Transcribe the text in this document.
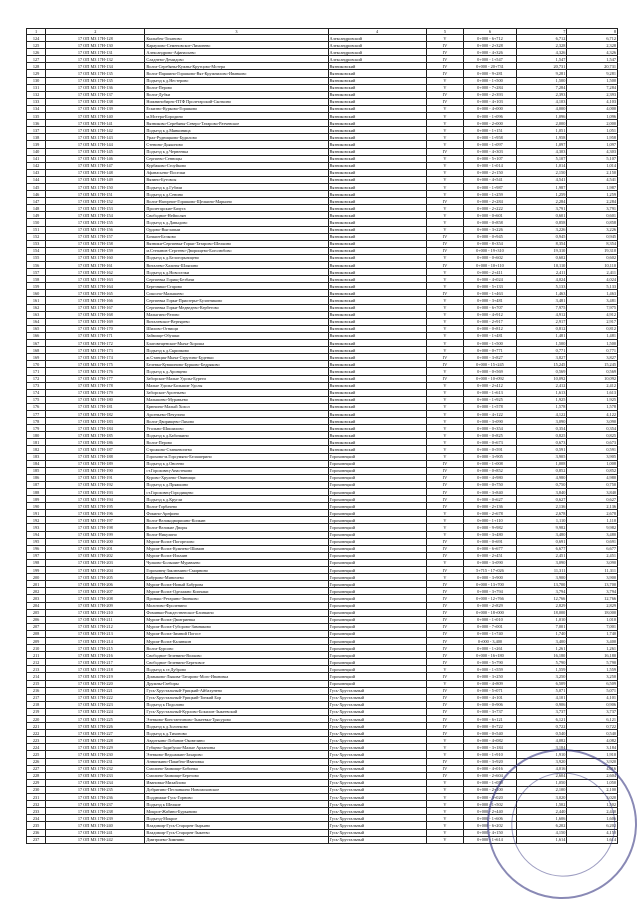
1	2	3	4	5	6	7	8
124	17 ОП МЗ 17Н-128	Кылыбек-Тоханово	Александровский	V	0+000 - 6+712	6,712	6,712
125	17 ОП МЗ 17Н-130	Караулово-Семеновское-Лимонево	Александровский	IV	0+000 - 2+328	2,328	2,328
126	17 ОП МЗ 17Н-131	Александрово-Афанасьево	Александровский	IV	0+000 - 4+326	4,326	4,326
127	17 ОП МЗ 17Н-132	Сладнево-Демидово	Александровский	IV	0+000 - 1+547	1,547	1,547
128	17 ОП МЗ 17Н-134	Волга-Серебяны-Кужны-Крутцово-Мстера	Вязниковский	IV	0+000 - 20+731	20,731	20,731
129	17 ОП МЗ 17Н-135	Волга-Паршино-Горшково-Вяз-Кружнилово-Иванково	Вязниковский	IV	0+000 - 9+281	9,281	9,281
130	17 ОП МЗ 17Н-135	Подъезд к д.Нестерово	Вязниковский	V	0+000 - 1+500	1,500	1,500
131	17 ОП МЗ 17Н-136	Волга-Перово	Вязниковский	V	0+000 - 7+284	7,284	7,284
132	17 ОП МЗ 17Н-137	Волга-Дубки	Вязниковский	IV	0+000 - 2+393	2,393	2,393
133	17 ОП МЗ 17Н-138	Нижнинобирнс-ПТФ Пролетарский-Скоткино	Вязниковский	IV	0+000 - 4+103	4,103	4,103
134	17 ОП МЗ 17Н-139	Ескизно-Курково-Горшково	Вязниковский	V	0+000 - 4+000	4,000	4,000
135	17 ОП МЗ 17Н-140	м.Мстера-Бородино	Вязниковский	V	0+000 - 1+096	1,096	1,096
136	17 ОП МЗ 17Н-141	Вязниково-Серебяны-Северо-Татарово-Ратчевское	Вязниковский	V	0+000 - 2+000	2,000	2,000
137	17 ОП МЗ 17Н-142	Подъезд к д.Мянкиница	Вязниковский	V	0+000 - 1+151	1,051	1,051
138	17 ОП МЗ 17Н-143	Урал-Рудницково-Будилово	Вязниковский	V	0+000 - 1+958	1,958	1,958
139	17 ОП МЗ 17Н-144	Стенино-Дьяконово	Вязниковский	V	0+000 - 1+097	1,097	1,097
140	17 ОП МЗ 17Н-145	Подъезд к д.Чернеевка	Вязниковский	IV	0+000 - 4+303	4,303	4,303
141	17 ОП МЗ 17Н-146	Сергиево-Сенницы	Вязниковский	V	0+000 - 5+107	5,107	5,107
142	17 ОП МЗ 17Н-147	Курбаково-Стоуйково	Вязниковский	V	0+000 - 1+014	1,014	1,014
143	17 ОП МЗ 17Н-148	Афанасьево-Поселки	Вязниковский	V	0+000 - 2+150	2,150	2,150
144	17 ОП МЗ 17Н-149	Вязино-Бутовсы	Вязниковский	V	0+000 - 4+541	4,541	4,541
145	17 ОП МЗ 17Н-150	Подъезд к д.Губачи	Вязниковский	V	0+000 - 1+987	1,987	1,987
146	17 ОП МЗ 17Н-151	Подъезд к д.Сенино	Вязниковский	V	0+000 - 1+259	1,259	1,259
147	17 ОП МЗ 17Н-152	Волга-Нагорное-Горшково-Щелкино-Марьино	Вязниковский	IV	0+000 - 2+284	2,284	2,284
148	17 ОП МЗ 17Н-153	Пролетарские-Бачуга	Вязниковский	V	0+000 - 2+222	3,791	3,791
149	17 ОП МЗ 17Н-154	Свободное-Нейполян	Вязниковский	V	0+000 - 0+601	0,601	0,601
150	17 ОП МЗ 17Н-155	Подъезд к д.Давыдово	Вязниковский	V	0+000 - 0+858	0,858	0,858
151	17 ОП МЗ 17Н-156	Ордово-Выглапыи	Вязниковский	V	0+000 - 3+226	3,226	3,226
152	17 ОП МЗ 17Н-157	Бочкин-Белково	Вязниковский	IV	0+000 - 0+945	0,945	0,945
153	17 ОП МЗ 17Н-158	Вязники-Сергиевка-Горки-Татарово-Шелкино	Вязниковский	IV	0+000 - 8+354	8,354	8,354
154	17 ОП МЗ 17Н-159	м.Степанов-Сергеево-Дворищево-Боголюбово	Вязниковский	IV	0+000 - 19+310	19,310	19,310
155	17 ОП МЗ 17Н-160	Подъезд к д.Белогорызицево	Вязниковский	V	0+000 - 0+602	0,602	0,602
156	17 ОП МЗ 17Н-161	Виталево-Халиты-Шляпино	Вязниковский	IV	0+000 - 10+110	10,110	10,110
157	17 ОП МЗ 17Н-162	Подъезд к д.Новоселки	Вязниковский	V	0+000 - 2+411	2,411	2,411
158	17 ОП МЗ 17Н-163	Сергиевка Горищ-Безбачи	Вязниковский	V	0+000 - 4+024	4,024	4,024
159	17 ОП МЗ 17Н-164	Березники-Старово	Вязниковский	V	0+000 - 5+133	5,133	5,133
160	17 ОП МЗ 17Н-165	Сокосно-Малышево	Вязниковский	IV	0+000 - 1+463	1,463	1,463
161	17 ОП МЗ 17Н-166	Сергиевка Горки-Приозерье-Булатниково	Вязниковский	V	0+000 - 3+481	3,481	3,481
162	17 ОП МЗ 17Н-167	Сергиевка Горки-Медведево-Кербетово	Вязниковский	V	0+000 - 6+707	7,975	7,975
163	17 ОП МЗ 17Н-168	Малыгино-Ратово	Вязниковский	V	0+000 - 4+912	4,912	4,912
164	17 ОП МЗ 17Н-169	Виталевское-Вертярево	Вязниковский	V	0+000 - 2+917	2,917	2,917
165	17 ОП МЗ 17Н-170	Шилово-Огнищи	Вязниковский	V	0+000 - 0+812	0,812	0,812
166	17 ОП МЗ 17Н-171	Займище-Обушки	Вязниковский	V	0+000 - 1+481	1,481	1,481
167	17 ОП МЗ 17Н-172	Благовещенское-Мыча-Хороша	Вязниковский	V	0+000 - 1+500	1,500	1,500
168	17 ОП МЗ 17Н-173	Подъезд к д.Скрипково	Вязниковский	V	0+000 - 0+771	0,771	0,771
169	17 ОП МЗ 17Н-174	ж.Станция-Мыча-Стругино-Буденки	Вязниковский	IV	0+000 - 3+827	3,827	3,827
170	17 ОП МЗ 17Н-175	Белевка-Кувшиново-Бурково-Бедряково	Вязниковский	IV	0+000 - 15+245	15,245	15,245
171	17 ОП МЗ 17Н-176	Подъезд к д.Аронцево	Вязниковский	V	0+000 - 0+569	0,569	0,569
172	17 ОП МЗ 17Н-177	Заборское-Малые Удолы-Буреги	Вязниковский	IV	0+000 - 10+092	10,092	10,092
173	17 ОП МЗ 17Н-178	Малые Удолы-Большие Удолы	Вязниковский	V	0+000 - 2+412	2,412	2,412
174	17 ОП МЗ 17Н-179	Заборское-Арсеньево	Вязниковский	V	0+000 - 1+613	1,613	1,613
175	17 ОП МЗ 17Н-180	Малышево-Муравьево	Вязниковский	V	0+000 - 1+925	1,925	1,925
176	17 ОП МЗ 17Н-181	Брючино-Малый Хохол	Вязниковский	V	0+000 - 1+578	1,578	1,578
177	17 ОП МЗ 17Н-182	Арсеньево-Печугино	Вязниковский	V	0+000 - 4+122	4,122	4,122
178	17 ОП МЗ 17Н-183	Волга-Дворищево-Ляхово	Вязниковский	V	0+000 - 3+090	3,090	3,090
179	17 ОП МЗ 17Н-184	Угольно-Шишилово	Вязниковский	V	0+000 - 0+354	0,354	0,354
180	17 ОП МЗ 17Н-185	Подъезд к д.Бабочкино	Вязниковский	V	0+000 - 0+825	0,825	0,825
181	17 ОП МЗ 17Н-186	Волга-Перово	Вязниковский	V	0+000 - 0+673	0,673	0,673
182	17 ОП МЗ 17Н-187	Строжино-Станкевичево	Вязниковский	V	0+000 - 0+591	0,591	0,591
183	17 ОП МЗ 17Н-188	Горохово-м.Горсумяно-Белашерино	Гороховецкий	V	0+000 - 3+905	3,905	3,905
184	17 ОП МЗ 17Н-189	Подъезд к д.Овсеево	Гороховецкий	IV	0+000 - 1+008	1,008	1,008
185	17 ОП МЗ 17Н-190	ст.Гороховец-Анастеково	Гороховецкий	IV	0+000 - 0+852	0,852	0,852
186	17 ОП МЗ 17Н-191	Курово-Хрулево-Овинищи	Гороховецкий	IV	0+000 - 4+980	4,980	4,980
187	17 ОП МЗ 17Н-192	Подъезд к д.Пряжкино	Гороховецкий	IV	0+000 - 0+750	0,750	0,750
188	17 ОП МЗ 17Н-193	ст.Гороховец-Городищево	Гороховецкий	IV	0+000 - 3+840	3,840	3,840
189	17 ОП МЗ 17Н-194	Подъезд к д.Кругли	Гороховецкий	IV	0+000 - 0+627	0,627	0,627
190	17 ОП МЗ 17Н-195	Волга-Горбачево	Гороховецкий	IV	0+000 - 2+136	2,136	2,136
191	17 ОП МЗ 17Н-196	Фокино-Арефино	Гороховецкий	V	0+000 - 2+678	2,678	2,678
192	17 ОП МЗ 17Н-197	Волга-Великодворишно-Копкин	Гороховецкий	V	0+000 - 1+110	1,110	1,110
193	17 ОП МЗ 17Н-198	Волга-Великие Дворы	Гороховецкий	V	0+000 - 9+982	9,982	9,982
194	17 ОП МЗ 17Н-199	Волга-Никулино	Гороховецкий	V	0+000 - 3+480	3,480	3,480
195	17 ОП МЗ 17Н-200	Муром-Волга-Погорелово	Гороховецкий	IV	0+000 - 0+691	0,691	0,691
196	17 ОП МЗ 17Н-201	Муром-Волга-Кужнево-Шимин	Гороховецкий	IV	0+000 - 6+677	6,677	6,677
197	17 ОП МЗ 17Н-202	Муром-Волга-Ильмин	Гороховецкий	IV	0+000 - 2+451	2,451	2,451
198	17 ОП МЗ 17Н-203	Чулково-Большие-Муравьево	Гороховецкий	V	0+000 - 3+090	3,090	3,090
199	17 ОП МЗ 17Н-204	Гороховец-Заклюмино-Смирнино	Гороховецкий	IV	5+715 - 17+026	11,311	11,311
200	17 ОП МЗ 17Н-205	Бабурово-Миничево	Гороховецкий	V	0+000 - 3+900	3,900	3,900
201	17 ОП МЗ 17Н-206	Муром-Волга-Новый Бабурова	Гороховецкий	IV	0+000 - 13+700	13,700	13,700
202	17 ОП МЗ 17Н-207	Муром-Волга-Оделажно Кипчаки	Гороховецкий	IV	0+000 - 3+794	3,794	3,794
203	17 ОП МЗ 17Н-208	Пронякс-Ретарино-Звонково	Гороховецкий	IV	0+000 - 12+766	12,766	12,766
204	17 ОП МЗ 17Н-209	Молотово-Фроленино	Гороховецкий	IV	0+000 - 2+829	2,829	2,829
205	17 ОП МЗ 17Н-210	Фоминки-Рождественское-Блинкино	Гороховецкий	IV	0+000 - 18+000	18,000	18,000
206	17 ОП МЗ 17Н-211	Муром-Волга-Дмитриевка	Гороховецкий	IV	0+000 - 1+010	1,010	1,010
207	17 ОП МЗ 17Н-212	Муром-Волга-Губорово-Зимняково	Гороховецкий	IV	0+000 - 7+001	7,001	7,001
208	17 ОП МЗ 17Н-213	Муром-Волга-Зимний Погост	Гороховецкий	IV	0+000 - 1+740	1,740	1,740
209	17 ОП МЗ 17Н-214	Муром-Волга-Калинкин	Гороховецкий	IV	0+000 - 3,400	3,400	3,400
210	17 ОП МЗ 17Н-215	Волга-Бурсово	Гороховецкий	IV	0+000 - 1+261	1,261	1,261
211	17 ОП МЗ 17Н-216	Свободное-Зеленино-Волково	Гороховецкий	IV	0+000 - 16+180	16,180	16,180
212	17 ОП МЗ 17Н-217	Свободное-Зеленино-Березовое	Гороховецкий	IV	0+000 - 5+790	5,790	5,790
213	17 ОП МЗ 17Н-218	Подъезд к ст.Дуброво	Гороховецкий	V	0+000 - 1+559	1,559	1,559
214	17 ОП МЗ 17Н-219	Домыково-Лыкова-Татарово-Мого-Ивановка	Гороховецкий	IV	0+000 - 3+250	3,250	3,250
215	17 ОП МЗ 17Н-220	Дружны-Глеборы	Гороховецкий	V	0+000 - 4+809	6,509	6,509
216	17 ОП МЗ 17Н-221	Гусь-Хрустальный-Урицкий-Айбахунено	Гусь-Хрустальный	IV	0+000 - 5+071	5,071	5,071
217	17 ОП МЗ 17Н-222	Гусь-Хрустальный-Урицкий-Тонкий Бор	Гусь-Хрустальный	IV	0+000 - 4+101	4,101	4,101
218	17 ОП МЗ 17Н-223	Подъезд к Подолино	Гусь-Хрустальный	IV	0+000 - 0+906	0,906	0,906
219	17 ОП МЗ 17Н-224	Гусь-Хрустальный-Курлово-Бокилов-Зыкеевский	Гусь-Хрустальный	IV	0+000 - 3+737	3,737	3,737
220	17 ОП МЗ 17Н-225	Эзевково-Константиново-Зыкеевка-Трясурово	Гусь-Хрустальный	IV	0+000 - 6+121	6,121	6,121
221	17 ОП МЗ 17Н-226	Подъезд к д.Золотково	Гусь-Хрустальный	IV	0+000 - 0+722	0,722	0,722
222	17 ОП МЗ 17Н-227	Подъезд к д.Тихоново	Гусь-Хрустальный	IV	0+000 - 0+540	0,540	0,540
223	17 ОП МЗ 17Н-228	Авдотьино-Лобанов-Оковелино	Гусь-Хрустальный	V	0+000 - 4+082	4,082	4,082
224	17 ОП МЗ 17Н-229	Губцево-Задибушо-Малые Арханоны	Гусь-Хрустальный	V	0+000 - 3+184	3,184	3,184
225	17 ОП МЗ 17Н-230	Эзевково-Ведьмакин-Захарово	Гусь-Хрустальный	V	0+000 - 1+910	1,910	1,910
226	17 ОП МЗ 17Н-231	Аннинкино-Пакибно-Ивановка	Гусь-Хрустальный	IV	0+000 - 3+920	3,920	3,920
227	17 ОП МЗ 17Н-232	Смолино-Заимище-Бобинка	Гусь-Хрустальный	IV	0+000 - 4+016	4,016	4,016
228	17 ОП МЗ 17Н-233	Смолино-Заимище-Березово	Гусь-Хрустальный	IV	0+000 - 2+604	2,604	2,604
229	17 ОП МЗ 17Н-234	Ивановка-Михайлово	Гусь-Хрустальный	V	0+000 - 1+050	1,050	1,050
230	17 ОП МЗ 17Н-235	Добрятино-Песчанкино Новомоховское	Гусь-Хрустальный	V	0+000 - 2+100	2,100	2,100
231	17 ОП МЗ 17Н-236	Поддюжки-Гусь-Горново	Гусь-Хрустальный	V	0+000 - 3+020	3,020	3,020
232	17 ОП МЗ 17Н-237	Подъезд к Шелкие	Гусь-Хрустальный	V	0+000 - 1+502	1,502	1,502
233	17 ОП МЗ 17Н-238	Мокрое-Жабино-Бурьяново	Гусь-Хрустальный	V	0+000 - 2+440	2,440	2,440
234	17 ОП МЗ 17Н-239	Подъезд-Мокрое	Гусь-Хрустальный	V	0+000 - 1+606	1,606	1,606
235	17 ОП МЗ 17Н-240	Владимир-Гусь-Старорев-Зырьяно	Гусь-Хрустальный	V	0+000 - 6+202	6,202	6,202
236	17 ОП МЗ 17Н-241	Владимир-Гусь-Старорев-Зыкеево	Гусь-Хрустальный	V	0+000 - 4+150	4,150	4,150
237	17 ОП МЗ 17Н-242	Дмитриево-Зимнино	Гусь-Хрустальный	V	0+000 - 1+614	1,614	1,614
